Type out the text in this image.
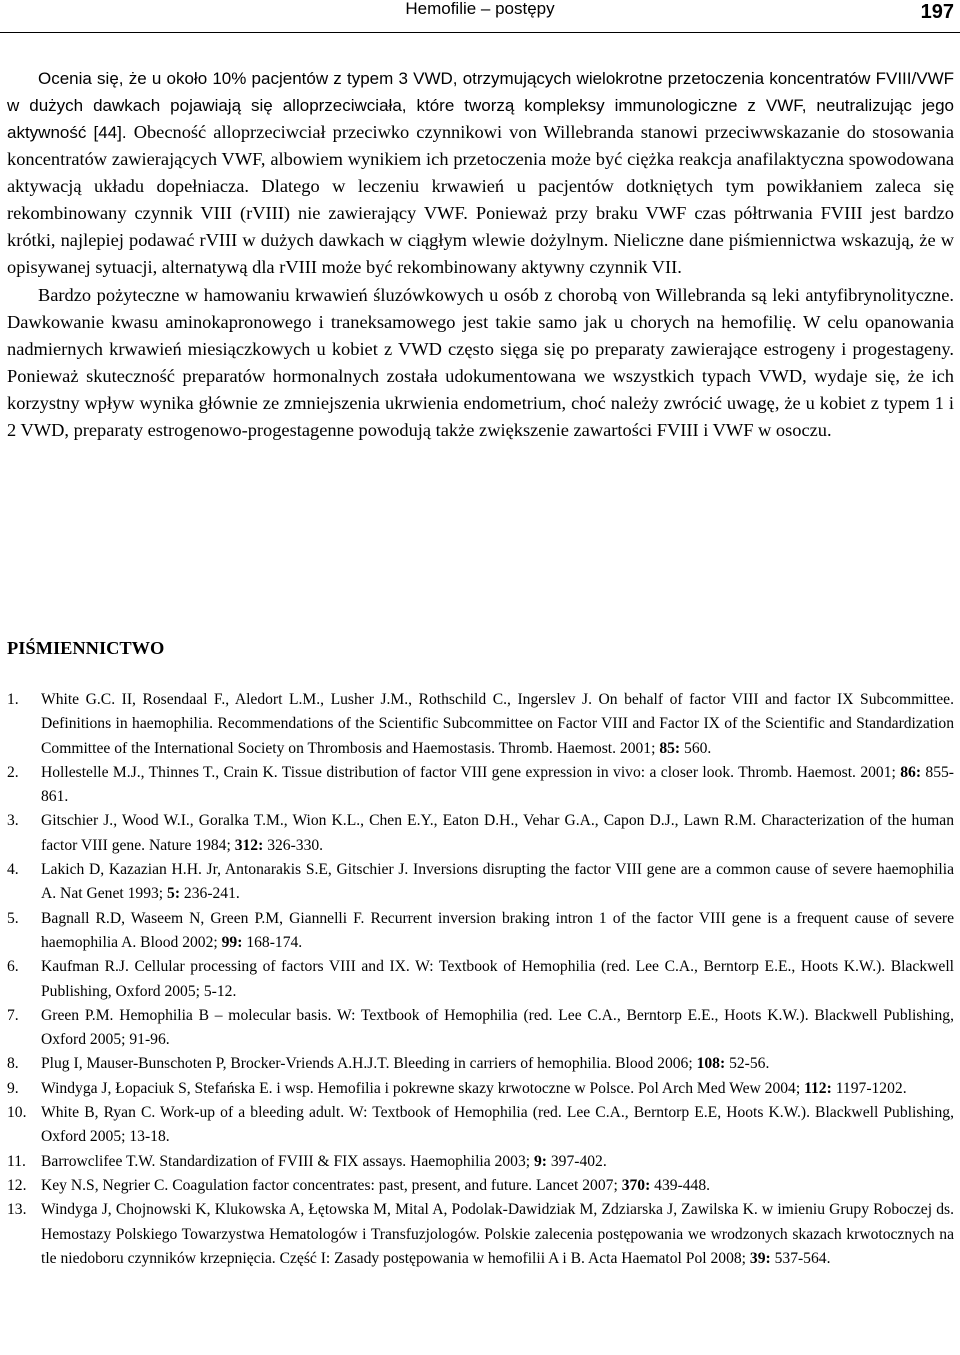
Hemofilie – postępy	197

Ocenia się, że u około 10% pacjentów z typem 3 VWD, otrzymujących wielokrotne przetoczenia koncentratów FVIII/VWF w dużych dawkach pojawiają się alloprzeciwciała, które tworzą kompleksy immunologiczne z VWF, neutralizując jego aktywność [44]. Obecność alloprzeciwciał przeciwko czynnikowi von Willebranda stanowi przeciwwskazanie do stosowania koncentratów zawierających VWF, albowiem wynikiem ich przetoczenia może być ciężka reakcja anafilaktyczna spowodowana aktywacją układu dopełniacza. Dlatego w leczeniu krwawień u pacjentów dotkniętych tym powikłaniem zaleca się rekombinowany czynnik VIII (rVIII) nie zawierający VWF. Ponieważ przy braku VWF czas półtrwania FVIII jest bardzo krótki, najlepiej podawać rVIII w dużych dawkach w ciągłym wlewie dożylnym. Nieliczne dane piśmiennictwa wskazują, że w opisywanej sytuacji, alternatywą dla rVIII może być rekombinowany aktywny czynnik VII.

Bardzo pożyteczne w hamowaniu krwawień śluzówkowych u osób z chorobą von Willebranda są leki antyfibrynolityczne. Dawkowanie kwasu aminokapronowego i traneksamowego jest takie samo jak u chorych na hemofilię. W celu opanowania nadmiernych krwawień miesiączkowych u kobiet z VWD często sięga się po preparaty zawierające estrogeny i progestageny. Ponieważ skuteczność preparatów hormonalnych została udokumentowana we wszystkich typach VWD, wydaje się, że ich korzystny wpływ wynika głównie ze zmniejszenia ukrwienia endometrium, choć należy zwrócić uwagę, że u kobiet z typem 1 i 2 VWD, preparaty estrogenowo-progestagenne powodują także zwiększenie zawartości FVIII i VWF w osoczu.

PIŚMIENNICTWO
1. White G.C. II, Rosendaal F., Aledort L.M., Lusher J.M., Rothschild C., Ingerslev J. On behalf of factor VIII and factor IX Subcommittee. Definitions in haemophilia. Recommendations of the Scientific Subcommittee on Factor VIII and Factor IX of the Scientific and Standardization Committee of the International Society on Thrombosis and Haemostasis. Thromb. Haemost. 2001; 85: 560.
2. Hollestelle M.J., Thinnes T., Crain K. Tissue distribution of factor VIII gene expression in vivo: a closer look. Thromb. Haemost. 2001; 86: 855-861.
3. Gitschier J., Wood W.I., Goralka T.M., Wion K.L., Chen E.Y., Eaton D.H., Vehar G.A., Capon D.J., Lawn R.M. Characterization of the human factor VIII gene. Nature 1984; 312: 326-330.
4. Lakich D, Kazazian H.H. Jr, Antonarakis S.E, Gitschier J. Inversions disrupting the factor VIII gene are a common cause of severe haemophilia A. Nat Genet 1993; 5: 236-241.
5. Bagnall R.D, Waseem N, Green P.M, Giannelli F. Recurrent inversion braking intron 1 of the factor VIII gene is a frequent cause of severe haemophilia A. Blood 2002; 99: 168-174.
6. Kaufman R.J. Cellular processing of factors VIII and IX. W: Textbook of Hemophilia (red. Lee C.A., Berntorp E.E., Hoots K.W.). Blackwell Publishing, Oxford 2005; 5-12.
7. Green P.M. Hemophilia B – molecular basis. W: Textbook of Hemophilia (red. Lee C.A., Berntorp E.E., Hoots K.W.). Blackwell Publishing, Oxford 2005; 91-96.
8. Plug I, Mauser-Bunschoten P, Brocker-Vriends A.H.J.T. Bleeding in carriers of hemophilia. Blood 2006; 108: 52-56.
9. Windyga J, Łopaciuk S, Stefańska E. i wsp. Hemofilia i pokrewne skazy krwotoczne w Polsce. Pol Arch Med Wew 2004; 112: 1197-1202.
10. White B, Ryan C. Work-up of a bleeding adult. W: Textbook of Hemophilia (red. Lee C.A., Berntorp E.E, Hoots K.W.). Blackwell Publishing, Oxford 2005; 13-18.
11. Barrowclifee T.W. Standardization of FVIII & FIX assays. Haemophilia 2003; 9: 397-402.
12. Key N.S, Negrier C. Coagulation factor concentrates: past, present, and future. Lancet 2007; 370: 439-448.
13. Windyga J, Chojnowski K, Klukowska A, Łętowska M, Mital A, Podolak-Dawidziak M, Zdziarska J, Zawilska K. w imieniu Grupy Roboczej ds. Hemostazy Polskiego Towarzystwa Hematologów i Transfuzjologów. Polskie zalecenia postępowania we wrodzonych skazach krwotocznych na tle niedoboru czynników krzepnięcia. Część I: Zasady postępowania w hemofilii A i B. Acta Haematol Pol 2008; 39: 537-564.
